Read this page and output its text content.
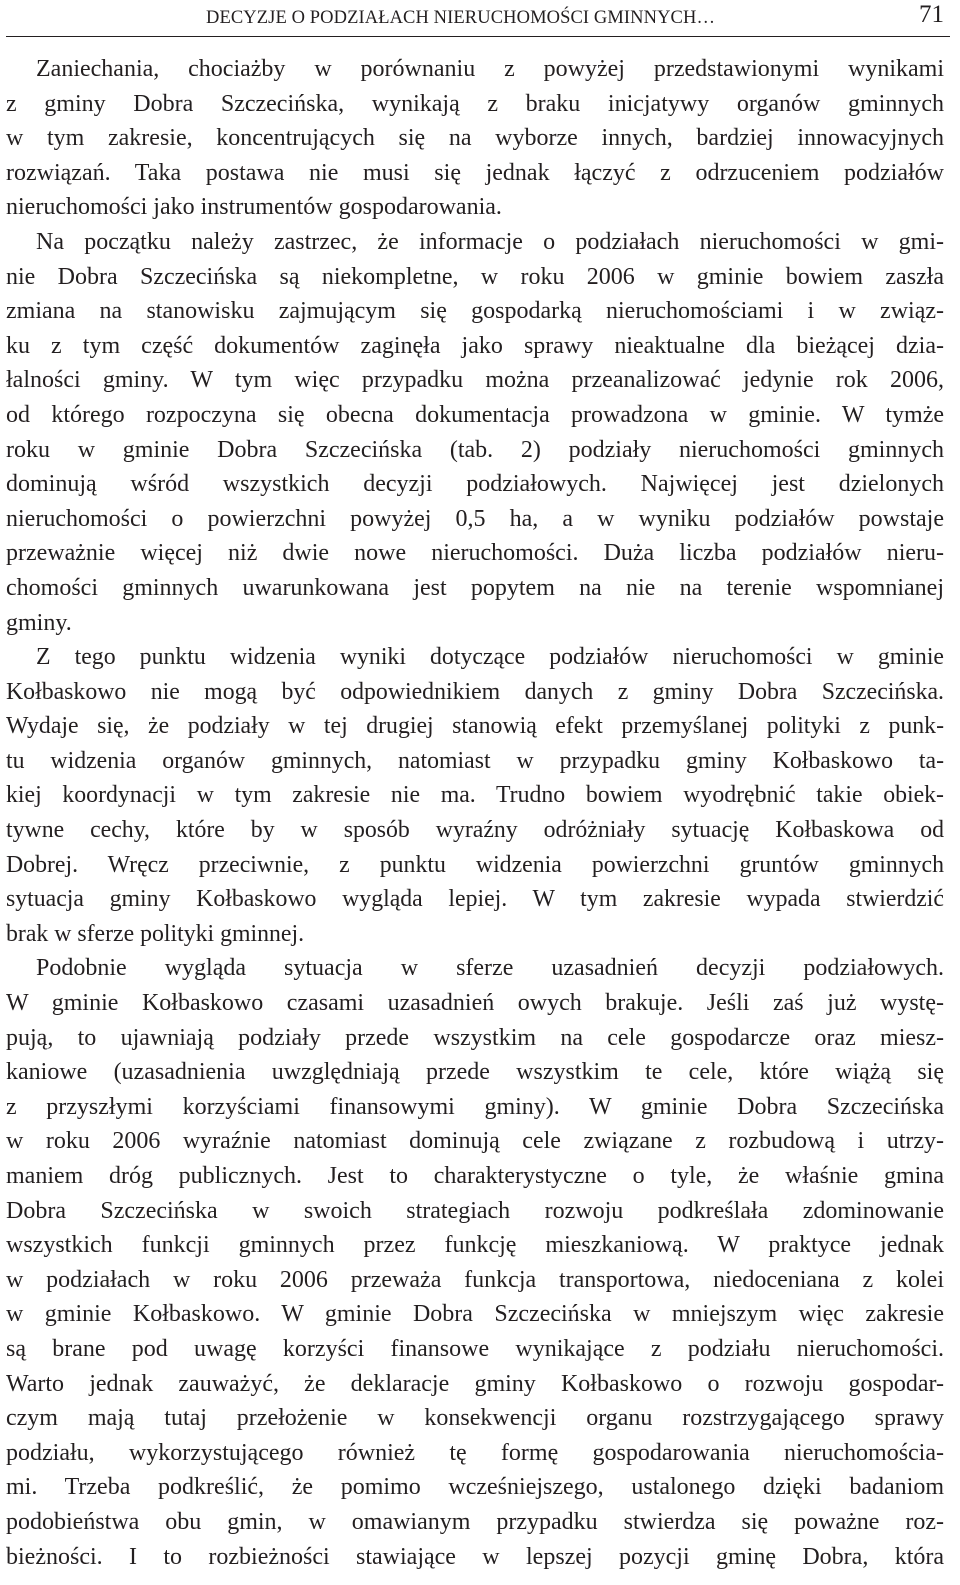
DECYZJE O PODZIAŁACH NIERUCHOMOŚCI GMINNYCH…	71
Zaniechania, chociażby w porównaniu z powyżej przedstawionymi wynikami
z gminy Dobra Szczecińska, wynikają z braku inicjatywy organów gminnych
w tym zakresie, koncentrujących się na wyborze innych, bardziej innowacyjnych
rozwiązań. Taka postawa nie musi się jednak łączyć z odrzuceniem podziałów
nieruchomości jako instrumentów gospodarowania.
Na początku należy zastrzec, że informacje o podziałach nieruchomości w gmi-
nie Dobra Szczecińska są niekompletne, w roku 2006 w gminie bowiem zaszła
zmiana na stanowisku zajmującym się gospodarką nieruchomościami i w związ-
ku z tym część dokumentów zaginęła jako sprawy nieaktualne dla bieżącej dzia-
łalności gminy. W tym więc przypadku można przeanalizować jedynie rok 2006,
od którego rozpoczyna się obecna dokumentacja prowadzona w gminie. W tymże
roku w gminie Dobra Szczecińska (tab. 2) podziały nieruchomości gminnych
dominują wśród wszystkich decyzji podziałowych. Najwięcej jest dzielonych
nieruchomości o powierzchni powyżej 0,5 ha, a w wyniku podziałów powstaje
przeważnie więcej niż dwie nowe nieruchomości. Duża liczba podziałów nieru-
chomości gminnych uwarunkowana jest popytem na nie na terenie wspomnianej
gminy.
Z tego punktu widzenia wyniki dotyczące podziałów nieruchomości w gminie
Kołbaskowo nie mogą być odpowiednikiem danych z gminy Dobra Szczecińska.
Wydaje się, że podziały w tej drugiej stanowią efekt przemyślanej polityki z punk-
tu widzenia organów gminnych, natomiast w przypadku gminy Kołbaskowo ta-
kiej koordynacji w tym zakresie nie ma. Trudno bowiem wyodrębnić takie obiek-
tywne cechy, które by w sposób wyraźny odróżniały sytuację Kołbaskowa od
Dobrej. Wręcz przeciwnie, z punktu widzenia powierzchni gruntów gminnych
sytuacja gminy Kołbaskowo wygląda lepiej. W tym zakresie wypada stwierdzić
brak w sferze polityki gminnej.
Podobnie wygląda sytuacja w sferze uzasadnień decyzji podziałowych.
W gminie Kołbaskowo czasami uzasadnień owych brakuje. Jeśli zaś już wystę-
pują, to ujawniają podziały przede wszystkim na cele gospodarcze oraz miesz-
kaniowe (uzasadnienia uwzględniają przede wszystkim te cele, które wiążą się
z przyszłymi korzyściami finansowymi gminy). W gminie Dobra Szczecińska
w roku 2006 wyraźnie natomiast dominują cele związane z rozbudową i utrzy-
maniem dróg publicznych. Jest to charakterystyczne o tyle, że właśnie gmina
Dobra Szczecińska w swoich strategiach rozwoju podkreślała zdominowanie
wszystkich funkcji gminnych przez funkcję mieszkaniową. W praktyce jednak
w podziałach w roku 2006 przeważa funkcja transportowa, niedoceniana z kolei
w gminie Kołbaskowo. W gminie Dobra Szczecińska w mniejszym więc zakresie
są brane pod uwagę korzyści finansowe wynikające z podziału nieruchomości.
Warto jednak zauważyć, że deklaracje gminy Kołbaskowo o rozwoju gospodar-
czym mają tutaj przełożenie w konsekwencji organu rozstrzygającego sprawy
podziału, wykorzystującego również tę formę gospodarowania nieruchomościa-
mi. Trzeba podkreślić, że pomimo wcześniejszego, ustalonego dzięki badaniom
podobieństwa obu gmin, w omawianym przypadku stwierdza się poważne roz-
bieżności. I to rozbieżności stawiające w lepszej pozycji gminę Dobra, która
